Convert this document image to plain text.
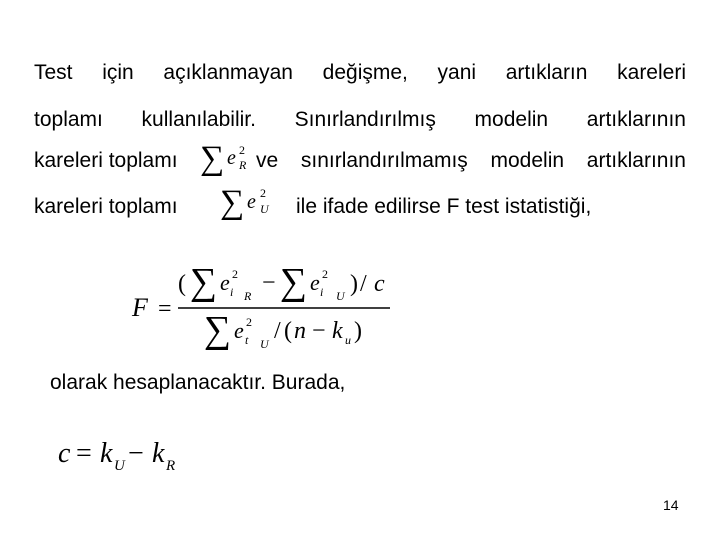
Test için açıklanmayan değişme, yani artıkların kareleri
toplamı kullanılabilir. Sınırlandırılmış modelin artıklarının
kareleri toplamı ∑ e 2
R ve sınırlandırılmamış modelin artıklarının
kareleri toplamı ∑ e 2
U ile ifade edilirse F test istatistiği,
F =
( ∑ e 2
i R − ∑ e 2
i U ) / c
∑ e 2
t U / ( n − k u )
olarak hesaplanacaktır. Burada,
c = k U − k R
14
